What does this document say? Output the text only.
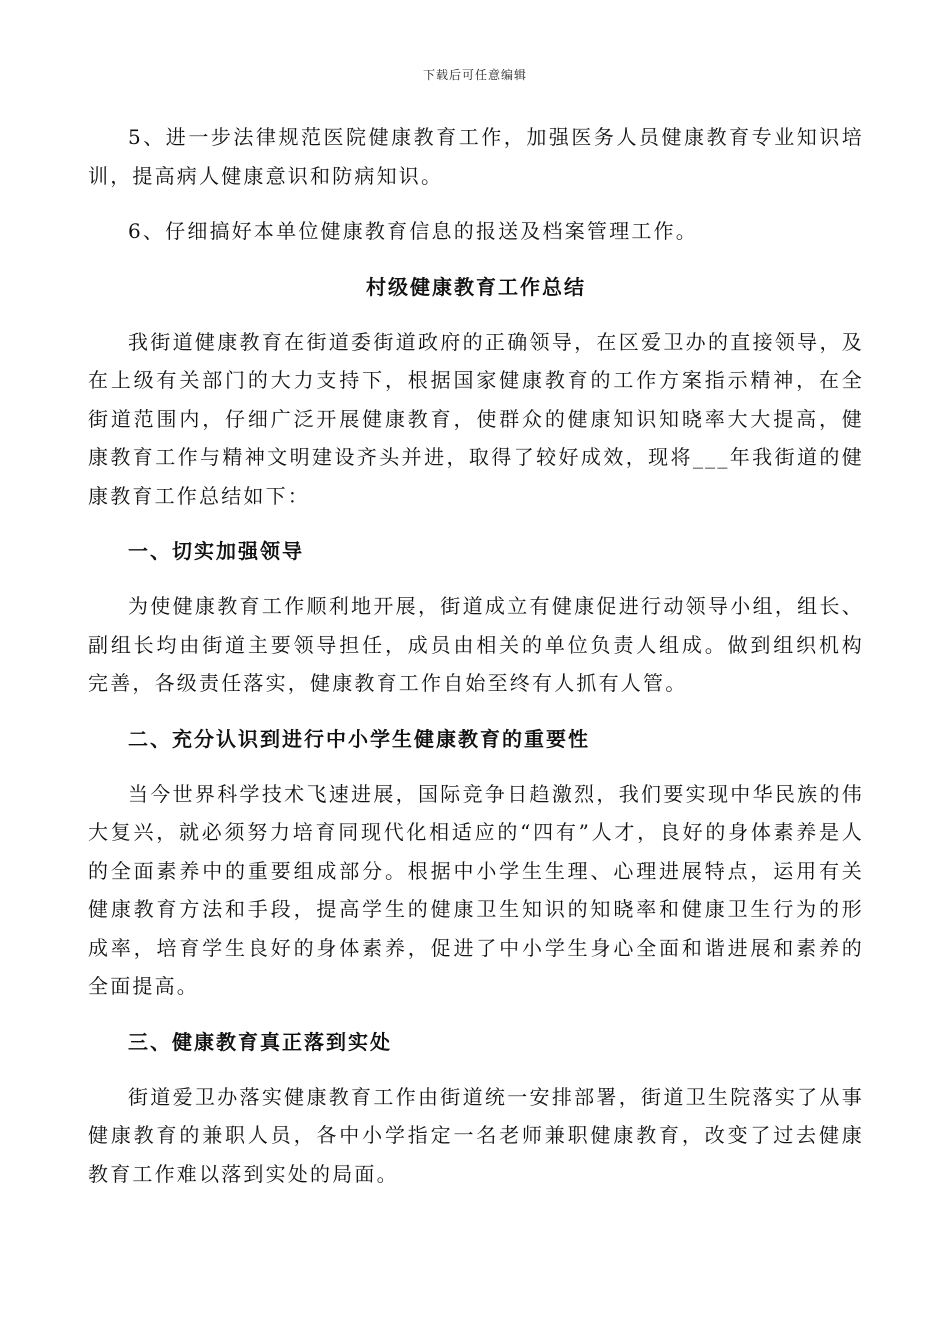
下载后可任意编辑

5、进一步法律规范医院健康教育工作，加强医务人员健康教育专业知识培训，提高病人健康意识和防病知识。

6、仔细搞好本单位健康教育信息的报送及档案管理工作。

村级健康教育工作总结

我街道健康教育在街道委街道政府的正确领导，在区爱卫办的直接领导，及在上级有关部门的大力支持下，根据国家健康教育的工作方案指示精神，在全街道范围内，仔细广泛开展健康教育，使群众的健康知识知晓率大大提高，健康教育工作与精神文明建设齐头并进，取得了较好成效，现将___年我街道的健康教育工作总结如下：

一、切实加强领导

为使健康教育工作顺利地开展，街道成立有健康促进行动领导小组，组长、副组长均由街道主要领导担任，成员由相关的单位负责人组成。做到组织机构完善，各级责任落实，健康教育工作自始至终有人抓有人管。

二、充分认识到进行中小学生健康教育的重要性

当今世界科学技术飞速进展，国际竞争日趋激烈，我们要实现中华民族的伟大复兴，就必须努力培育同现代化相适应的“四有”人才，良好的身体素养是人的全面素养中的重要组成部分。根据中小学生生理、心理进展特点，运用有关健康教育方法和手段，提高学生的健康卫生知识的知晓率和健康卫生行为的形成率，培育学生良好的身体素养，促进了中小学生身心全面和谐进展和素养的全面提高。

三、健康教育真正落到实处

街道爱卫办落实健康教育工作由街道统一安排部署，街道卫生院落实了从事健康教育的兼职人员，各中小学指定一名老师兼职健康教育，改变了过去健康教育工作难以落到实处的局面。
